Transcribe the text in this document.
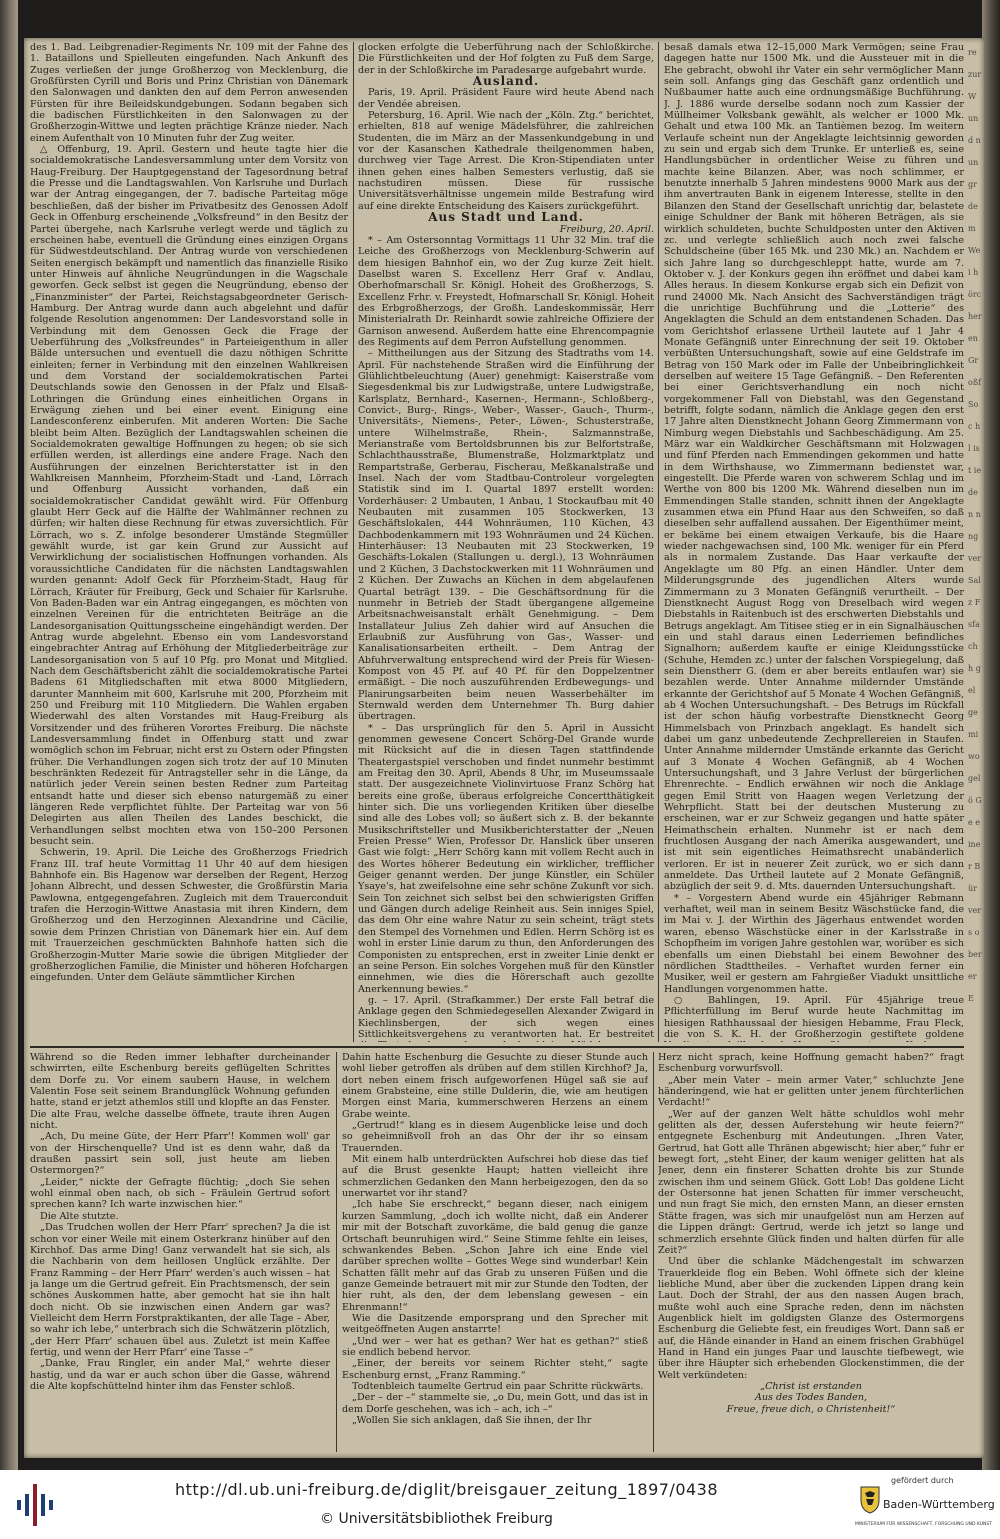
des 1. Bad. Leibgrenadier-Regiments Nr. 109 mit der Fahne des 1. Bataillons und Spielleuten eingefunden. Nach Ankunft des Zuges verließen der junge Großherzog von Mecklenburg, die Großfürsten Cyrill und Boris und Prinz Christian von Dänemark den Salonwagen und dankten den auf dem Perron anwesenden Fürsten für ihre Beileidskundgebungen. Sodann begaben sich die badischen Fürstlichkeiten in den Salonwagen zu der Großherzogin-Wittwe und legten prächtige Kränze nieder. Nach einem Aufenthalt von 10 Minuten fuhr der Zug weiter.

△ Offenburg, 19. April. Gestern und heute tagte hier die socialdemokratische Landesversammlung unter dem Vorsitz von Haug-Freiburg. Der Hauptgegenstand der Tagesordnung betraf die Presse und die Landtagswahlen. Von Karlsruhe und Durlach war der Antrag eingegangen, der 7. badische Parteitag möge beschließen, daß der bisher im Privatbesitz des Genossen Adolf Geck in Offenburg erscheinende „Volksfreund“ in den Besitz der Partei übergehe, nach Karlsruhe verlegt werde und täglich zu erscheinen habe, eventuell die Gründung eines einzigen Organs für Südwestdeutschland. Der Antrag wurde von verschiedenen Seiten energisch bekämpft und namentlich das finanzielle Risiko unter Hinweis auf ähnliche Neugründungen in die Wagschale geworfen. Geck selbst ist gegen die Neugründung, ebenso der „Finanzminister“ der Partei, Reichstagsabgeordneter Gerisch-Hamburg. Der Antrag wurde dann auch abgelehnt und dafür folgende Resolution angenommen: Der Landesvorstand solle in Verbindung mit dem Genossen Geck die Frage der Ueberführung des „Volksfreundes“ in Parteieigenthum in aller Bälde untersuchen und eventuell die dazu nöthigen Schritte einleiten; ferner in Verbindung mit den einzelnen Wahlkreisen und dem Vorstand der socialdemokratischen Partei Deutschlands sowie den Genossen in der Pfalz und Elsaß-Lothringen die Gründung eines einheitlichen Organs in Erwägung ziehen und bei einer event. Einigung eine Landesconferenz einberufen. Mit anderen Worten: Die Sache bleibt beim Alten. Bezüglich der Landtagswahlen scheinen die Socialdemokraten gewaltige Hoffnungen zu hegen; ob sie sich erfüllen werden, ist allerdings eine andere Frage. Nach den Ausführungen der einzelnen Berichterstatter ist in den Wahlkreisen Mannheim, Pforzheim-Stadt und -Land, Lörrach und Offenburg Aussicht vorhanden, daß ein socialdemokratischer Candidat gewählt wird. Für Offenburg glaubt Herr Geck auf die Hälfte der Wahlmänner rechnen zu dürfen; wir halten diese Rechnung für etwas zuversichtlich. Für Lörrach, wo s. Z. infolge besonderer Umstände Stegmüller gewählt wurde, ist gar kein Grund zur Aussicht auf Verwirklichung der socialistischen Hoffnungen vorhanden. Als voraussichtliche Candidaten für die nächsten Landtagswahlen wurden genannt: Adolf Geck für Pforzheim-Stadt, Haug für Lörrach, Kräuter für Freiburg, Geck und Schaier für Karlsruhe. Von Baden-Baden war ein Antrag eingegangen, es möchten von einzelnen Vereinen für die entrichteten Beiträge an die Landesorganisation Quittungsscheine eingehändigt werden. Der Antrag wurde abgelehnt. Ebenso ein vom Landesvorstand eingebrachter Antrag auf Erhöhung der Mitgliederbeiträge zur Landesorganisation von 5 auf 10 Pfg. pro Monat und Mitglied. Nach dem Geschäftsbericht zählt die socialdemokratische Partei Badens 61 Mitgliedschaften mit etwa 8000 Mitgliedern, darunter Mannheim mit 600, Karlsruhe mit 200, Pforzheim mit 250 und Freiburg mit 110 Mitgliedern. Die Wahlen ergaben Wiederwahl des alten Vorstandes mit Haug-Freiburg als Vorsitzender und des früheren Vorortes Freiburg. Die nächste Landesversammlung findet in Offenburg statt und zwar womöglich schon im Februar, nicht erst zu Ostern oder Pfingsten früher. Die Verhandlungen zogen sich trotz der auf 10 Minuten beschränkten Redezeit für Antragsteller sehr in die Länge, da natürlich jeder Verein seinen besten Redner zum Parteitag entsandt hatte und dieser sich ebenso naturgemäß zu einer längeren Rede verpflichtet fühlte. Der Parteitag war von 56 Delegirten aus allen Theilen des Landes beschickt, die Verhandlungen selbst mochten etwa von 150–200 Personen besucht sein.

Schwerin, 19. April. Die Leiche des Großherzogs Friedrich Franz III. traf heute Vormittag 11 Uhr 40 auf dem hiesigen Bahnhofe ein. Bis Hagenow war derselben der Regent, Herzog Johann Albrecht, und dessen Schwester, die Großfürstin Maria Pawlowna, entgegengefahren. Zugleich mit dem Trauerconduit trafen die Herzogin-Wittwe Anastasia mit ihren Kindern, dem Großherzog und den Herzoginnen Alexandrine und Cäcilie, sowie dem Prinzen Christian von Dänemark hier ein. Auf dem mit Trauerzeichen geschmückten Bahnhofe hatten sich die Großherzogin-Mutter Marie sowie die übrigen Mitglieder der großherzoglichen Familie, die Minister und höheren Hofchargen eingefunden. Unter dem Geläute sämmtlicher Kirchen

glocken erfolgte die Ueberführung nach der Schloßkirche. Die Fürstlichkeiten und der Hof folgten zu Fuß dem Sarge, der in der Schloßkirche im Paradesarge aufgebahrt wurde.

Ausland.

Paris, 19. April. Präsident Faure wird heute Abend nach der Vendée abreisen.

Petersburg, 16. April. Wie nach der „Köln. Ztg.“ berichtet, erhielten, 818 auf wenige Mädelsführer, die zahlreichen Studenten, die im März an der Massenkundgebung in und vor der Kasanschen Kathedrale theilgenommen haben, durchweg vier Tage Arrest. Die Kron-Stipendiaten unter ihnen gehen eines halben Semesters verlustig, daß sie nachstudiren müssen. Diese für russische Universitätsverhältnisse ungemein milde Bestrafung wird auf eine direkte Entscheidung des Kaisers zurückgeführt.

Aus Stadt und Land.

Freiburg, 20. April.

* – Am Ostersonntag Vormittags 11 Uhr 32 Min. traf die Leiche des Großherzogs von Mecklenburg-Schwerin auf dem hiesigen Bahnhof ein, wo der Zug kurze Zeit hielt. Daselbst waren S. Excellenz Herr Graf v. Andlau, Oberhofmarschall Sr. Königl. Hoheit des Großherzogs, S. Excellenz Frhr. v. Freystedt, Hofmarschall Sr. Königl. Hoheit des Erbgroßherzogs, der Großh. Landeskommissär, Herr Ministerialrath Dr. Reinhardt sowie zahlreiche Offiziere der Garnison anwesend. Außerdem hatte eine Ehrencompagnie des Regiments auf dem Perron Aufstellung genommen.

– Mittheilungen aus der Sitzung des Stadtraths vom 14. April. Für nachstehende Straßen wird die Einführung der Glühlichtbeleuchtung (Auer) genehmigt: Kaiserstraße vom Siegesdenkmal bis zur Ludwigstraße, untere Ludwigstraße, Karlsplatz, Bernhard-, Kasernen-, Hermann-, Schloßberg-, Convict-, Burg-, Rings-, Weber-, Wasser-, Gauch-, Thurm-, Universitäts-, Niemens-, Peter-, Löwen-, Schusterstraße, untere Wilhelmstraße, Rhein-, Salzmannstraße, Merianstraße vom Bertoldsbrunnen bis zur Belfortstraße, Schlachthausstraße, Blumenstraße, Holzmarktplatz und Rempartstraße, Gerberau, Fischerau, Meßkanalstraße und Insel. Nach der vom Stadtbau-Controleur vorgelegten Statistik sind im I. Quartal 1897 erstellt worden: Vorderhäuser: 2 Umbauten, 1 Anbau, 1 Stockaufbau mit 40 Neubauten mit zusammen 105 Stockwerken, 13 Geschäftslokalen, 444 Wohnräumen, 110 Küchen, 43 Dachbodenkammern mit 193 Wohnräumen und 24 Küchen. Hinterhäuser: 13 Neubauten mit 23 Stockwerken, 19 Geschäfts-Lokalen (Stallungen u. dergl.), 13 Wohnräumen und 2 Küchen, 3 Dachstockwerken mit 11 Wohnräumen und 2 Küchen. Der Zuwachs an Küchen in dem abgelaufenen Quartal beträgt 139. – Die Geschäftsordnung für die nunmehr in Betrieb der Stadt übergangene allgemeine Arbeitsnachweisanstalt erhält Genehmigung. – Dem Installateur Julius Zeh dahier wird auf Ansuchen die Erlaubniß zur Ausführung von Gas-, Wasser- und Kanalisationsarbeiten ertheilt. – Dem Antrag der Abfuhrverwaltung entsprechend wird der Preis für Wiesen-Kompost von 45 Pf. auf 40 Pf. für den Doppelzentner ermäßigt. – Die noch auszuführenden Erdbewegungs- und Planirungsarbeiten beim neuen Wasserbehälter im Sternwald werden dem Unternehmer Th. Burg dahier übertragen.

* – Das ursprünglich für den 5. April in Aussicht genommen gewesene Concert Schörg-Del Grande wurde mit Rücksicht auf die in diesen Tagen stattfindende Theatergastspiel verschoben und findet nunmehr bestimmt am Freitag den 30. April, Abends 8 Uhr, im Museumssaale statt. Der ausgezeichnete Violinvirtuose Franz Schörg hat bereits eine große, überaus erfolgreiche Concertthätigkeit hinter sich. Die uns vorliegenden Kritiken über dieselbe sind alle des Lobes voll; so äußert sich z. B. der bekannte Musikschriftsteller und Musikberichterstatter der „Neuen Freien Presse“ Wien, Professor Dr. Hanslick über unseren Gast wie folgt: „Herr Schörg kann mit vollem Recht auch in des Wortes höherer Bedeutung ein wirklicher, trefflicher Geiger genannt werden. Der junge Künstler, ein Schüler Ysaye's, hat zweifelsohne eine sehr schöne Zukunft vor sich. Sein Ton zeichnet sich selbst bei den schwierigsten Griffen und Gängen durch adelige Reinheit aus. Sein inniges Spiel, das dem Ohr eine wahre Natur zu sein scheint, trägt stets den Stempel des Vornehmen und Edlen. Herrn Schörg ist es wohl in erster Linie darum zu thun, den Anforderungen des Componisten zu entsprechen, erst in zweiter Linie denkt er an seine Person. Ein solches Vorgehen muß für den Künstler einnehmen, wie dies die Hörerschaft auch gezollte Anerkennung bewies.“

g. – 17. April. (Strafkammer.) Der erste Fall betraf die Anklage gegen den Schmiedegesellen Alexander Zwigard in Kiechlinsbergen, der sich wegen eines Sittlichkeitsvergehens zu verantworten hat. Er bestreitet

besaß damals etwa 12–15,000 Mark Vermögen; seine Frau dagegen hatte nur 1500 Mk. und die Aussteuer mit in die Ehe gebracht, obwohl ihr Vater ein sehr vermöglicher Mann sein soll. Anfangs ging das Geschäft ganz ordentlich und Nußbaumer hatte auch eine ordnungsmäßige Buchführung. J. J. 1886 wurde derselbe sodann noch zum Kassier der Müllheimer Volksbank gewählt, als welcher er 1000 Mk. Gehalt und etwa 100 Mk. an Tantièmen bezog. Im weitern Verlaufe scheint nun der Angeklagte leichtsinnig geworden zu sein und ergab sich dem Trunke. Er unterließ es, seine Handlungsbücher in ordentlicher Weise zu führen und machte keine Bilanzen. Aber, was noch schlimmer, er benutzte innerhalb 5 Jahren mindestens 9000 Mark aus der ihm anvertrauten Bank in eigenem Interesse, stellte in den Bilanzen den Stand der Gesellschaft unrichtig dar, belastete einige Schuldner der Bank mit höheren Beträgen, als sie wirklich schuldeten, buchte Schuldposten unter den Aktiven zc. und verlegte schließlich auch noch zwei falsche Schuldscheine (über 165 Mk. und 230 Mk.) an. Nachdem er sich Jahre lang so durchgeschleppt hatte, wurde am 7. Oktober v. J. der Konkurs gegen ihn eröffnet und dabei kam Alles heraus. In diesem Konkurse ergab sich ein Defizit von rund 24000 Mk. Nach Ansicht des Sachverständigen trägt die unrichtige Buchführung und die „Lotterie“ des Angeklagten die Schuld an dem entstandenen Schaden. Das vom Gerichtshof erlassene Urtheil lautete auf 1 Jahr 4 Monate Gefängniß unter Einrechnung der seit 19. Oktober verbüßten Untersuchungshaft, sowie auf eine Geldstrafe im Betrag von 150 Mark oder im Falle der Unbeibringlichkeit derselben auf weitere 15 Tage Gefängniß. – Den Referenten bei einer Gerichtsverhandlung ein noch nicht vorgekommener Fall von Diebstahl, was den Gegenstand betrifft, folgte sodann, nämlich die Anklage gegen den erst 17 Jahre alten Dienstknecht Johann Georg Zimmermann von Nimburg wegen Diebstahls und Sachbeschädigung. Am 25. März war ein Waldkircher Geschäftsmann mit Holzwagen und fünf Pferden nach Emmendingen gekommen und hatte in dem Wirthshause, wo Zimmermann bedienstet war, eingestellt. Die Pferde waren von schwerem Schlag und im Werthe von 800 bis 1200 Mk. Während dieselben nun im Emmendingen Stalle standen, schnitt ihnen der Angeklagte zusammen etwa ein Pfund Haar aus den Schweifen, so daß dieselben sehr auffallend aussahen. Der Eigenthümer meint, er bekäme bei einem etwaigen Verkaufe, bis die Haare wieder nachgewachsen sind, 100 Mk. weniger für ein Pferd als in normalem Zustande. Das Haar verkaufte der Angeklagte um 80 Pfg. an einen Händler. Unter dem Milderungsgrunde des jugendlichen Alters wurde Zimmermann zu 3 Monaten Gefängniß verurtheilt. – Der Dienstknecht August Rogg von Dreselbach wird wegen Diebstahls in Raitenbuch ist des erschwerten Diebstahls und Betrugs angeklagt. Am Titisee stieg er in ein Signalhäuschen ein und stahl daraus einen Lederriemen befindliches Signalhorn; außerdem kaufte er einige Kleidungsstücke (Schuhe, Hemden zc.) unter der falschen Vorspiegelung, daß sein Dienstherr G. (dem er aber bereits entlaufen war) sie bezahlen werde. Unter Annahme mildernder Umstände erkannte der Gerichtshof auf 5 Monate 4 Wochen Gefängniß, ab 4 Wochen Untersuchungshaft. – Des Betrugs im Rückfall ist der schon häufig vorbestrafte Dienstknecht Georg Himmelsbach von Prinzbach angeklagt. Es handelt sich dabei um ganz unbedeutende Zechprellereien in Staufen. Unter Annahme mildernder Umstände erkannte das Gericht auf 3 Monate 4 Wochen Gefängniß, ab 4 Wochen Untersuchungshaft, und 3 Jahre Verlust der bürgerlichen Ehrenrechte. – Endlich erwähnen wir noch die Anklage gegen Emil Stritt von Haagen wegen Verletzung der Wehrpflicht. Statt bei der deutschen Musterung zu erscheinen, war er zur Schweiz gegangen und hatte später Heimathschein erhalten. Nunmehr ist er nach dem fruchtlosen Ausgang der nach Amerika ausgewandert, und ist mit sein eigentliches Heimathsrecht unabänderlich verloren. Er ist in neuerer Zeit zurück, wo er sich dann anmeldete. Das Urtheil lautete auf 2 Monate Gefängniß, abzüglich der seit 9. d. Mts. dauernden Untersuchungshaft.

* – Vorgestern Abend wurde ein 45jähriger Rebmann verhaftet, weil man in seinem Besitz Wäschstücke fand, die im Mai v. J. der Wirthin des Jägerhaus entwendet worden waren, ebenso Wäschstücke einer in der Karlsstraße in Schopfheim im vorigen Jahre gestohlen war, worüber es sich ebenfalls um einen Diebstahl bei einem Bewohner des nördlichen Stadttheiles. – Verhaftet wurden ferner ein Musiker, weil er gestern am Fahrgießer Viadukt unsittliche Handlungen vorgenommen hatte.

○ Bahlingen, 19. April. Für 45jährige treue Pflichterfüllung im Beruf wurde heute Nachmittag im hiesigen Rathhaussaal der hiesigen Hebamme, Frau Fleck, die von S. K. H. der Großherzogin gestiftete goldene

Während so die Reden immer lebhafter durcheinander schwirrten, eilte Eschenburg bereits geflügelten Schrittes dem Dorfe zu. Vor einem saubern Hause, in welchem Valentin Fose seit seinem Brandunglück Wohnung gefunden hatte, stand er jetzt athemlos still und klopfte an das Fenster. Die alte Frau, welche dasselbe öffnete, traute ihren Augen nicht.

„Ach, Du meine Güte, der Herr Pfarr'! Kommen woll' gar von der Hirschenquelle? Und ist es denn wahr, daß da draußen passirt sein soll, just heute am lieben Ostermorgen?“

„Leider,“ nickte der Gefragte flüchtig; „doch Sie sehen wohl einmal oben nach, ob sich – Fräulein Gertrud sofort sprechen kann? Ich warte inzwischen hier.“

Die Alte stutzte.

„Das Trudchen wollen der Herr Pfarr' sprechen? Ja die ist schon vor einer Weile mit einem Osterkranz hinüber auf den Kirchhof. Das arme Ding! Ganz verwandelt hat sie sich, als die Nachbarin von dem heillosen Unglück erzählte. Der Franz Ramming – der Herr Pfarr' werden's auch wissen – hat ja lange um die Gertrud gefreit. Ein Prachtsmensch, der sein schönes Auskommen hatte, aber gemocht hat sie ihn halt doch nicht. Ob sie inzwischen einen Andern gar was? Vielleicht dem Herrn Forstpraktikanten, der alle Tage – Aber, so wahr ich lebe,“ unterbrach sich die Schwätzerin plötzlich, „der Herr Pfarr' schauen übel aus. Zuletzt ist mein Kaffee fertig, und wenn der Herr Pfarr' eine Tasse –“

„Danke, Frau Ringler, ein ander Mal,“ wehrte dieser hastig, und da war er auch schon über die Gasse, während die Alte kopfschüttelnd hinter ihm das Fenster schloß.

Dahin hatte Eschenburg die Gesuchte zu dieser Stunde auch wohl lieber getroffen als drüben auf dem stillen Kirchhof? Ja, dort neben einem frisch aufgeworfenen Hügel saß sie auf einem Grabsteine, eine stille Dulderin, die, wie am heutigen Morgen einst Maria, kummerschweren Herzens an einem Grabe weinte.

„Gertrud!“ klang es in diesem Augenblicke leise und doch so geheimnißvoll froh an das Ohr der ihr so einsam Trauernden.

Mit einem halb unterdrückten Aufschrei hob diese das tief auf die Brust gesenkte Haupt; hatten vielleicht ihre schmerzlichen Gedanken den Mann herbeigezogen, den da so unerwartet vor ihr stand?

„Ich habe Sie erschreckt,“ begann dieser, nach einigem kurzen Sammlung, „doch ich wollte nicht, daß ein Anderer mir mit der Botschaft zuvorkäme, die bald genug die ganze Ortschaft beunruhigen wird.“ Seine Stimme fehlte ein leises, schwankendes Beben. „Schon Jahre ich eine Ende viel darüber sprechen wollte – Gottes Wege sind wunderbar! Kein Schatten fällt mehr auf das Grab zu unseren Füßen und die ganze Gemeinde betrauert mit mir zur Stunde den Todten, der hier ruht, als den, der dem lebenslang gewesen – ein Ehrenmann!“

Wie die Dasitzende emporsprang und den Sprecher mit weitgeöffneten Augen anstarrte!

„Und wer – wer hat es gethan? Wer hat es gethan?“ stieß sie endlich bebend hervor.

„Einer, der bereits vor seinem Richter steht,“ sagte Eschenburg ernst, „Franz Ramming.“

Todtenbleich taumelte Gertrud ein paar Schritte rückwärts.

„Der – der –“ stammelte sie, „o Du, mein Gott, und das ist in dem Dorfe geschehen, was ich – ach, ich –“

„Wollen Sie sich anklagen, daß Sie ihnen, der Ihr

Herz nicht sprach, keine Hoffnung gemacht haben?“ fragt Eschenburg vorwurfsvoll.

„Aber mein Vater – mein armer Vater,“ schluchzte Jene händeringend, wie hat er gelitten unter jenem fürchterlichen Verdacht!“

„Wer auf der ganzen Welt hätte schuldlos wohl mehr gelitten als der, dessen Auferstehung wir heute feiern?“ entgegnete Eschenburg mit Andeutungen. „Ihren Vater, Gertrud, hat Gott alle Thränen abgewischt; hier aber,“ fuhr er bewegt fort, „steht Einer, der kaum weniger gelitten hat als Jener, denn ein finsterer Schatten drohte bis zur Stunde zwischen ihm und seinem Glück. Gott Lob! Das goldene Licht der Ostersonne hat jenen Schatten für immer verscheucht, und nun fragt Sie mich, den ernsten Mann, an dieser ernsten Stätte fragen, was sich mir unaufgelöst nun am Herzen auf die Lippen drängt: Gertrud, werde ich jetzt so lange und schmerzlich ersehnte Glück finden und halten dürfen für alle Zeit?“

Und über die schlanke Mädchengestalt im schwarzen Trauerkleide flog ein Beben. Wohl öffnete sich der kleine liebliche Mund, aber über die zuckenden Lippen drang kein Laut. Doch der Strahl, der aus den nassen Augen brach, mußte wohl auch eine Sprache reden, denn im nächsten Augenblick hielt im goldigsten Glanze des Ostermorgens Eschenburg die Geliebte fest, ein freudiges Wort. Dann saß er auf, die Hände einander in Hand an einem frischen Grabhügel Hand in Hand ein junges Paar und lauschte tiefbewegt, wie über ihre Häupter sich erhebenden Glockenstimmen, die der Welt verkündeten:

„Christ ist erstanden

Aus des Todes Banden,

Freue, freue dich, o Christenheit!“

re zur W und nun gr dem Wei hörcher en Großf Soc hl ist ieden nng ver Salz F sfach h gel gemi wo gelö Ge einer Bür vers oberer E
http://dl.ub.uni-freiburg.de/diglit/breisgauer_zeitung_1897/0438
© Universitätsbibliothek Freiburg
gefördert durch
Baden-Württemberg
MINISTERIUM FÜR WISSENSCHAFT, FORSCHUNG UND KUNST
